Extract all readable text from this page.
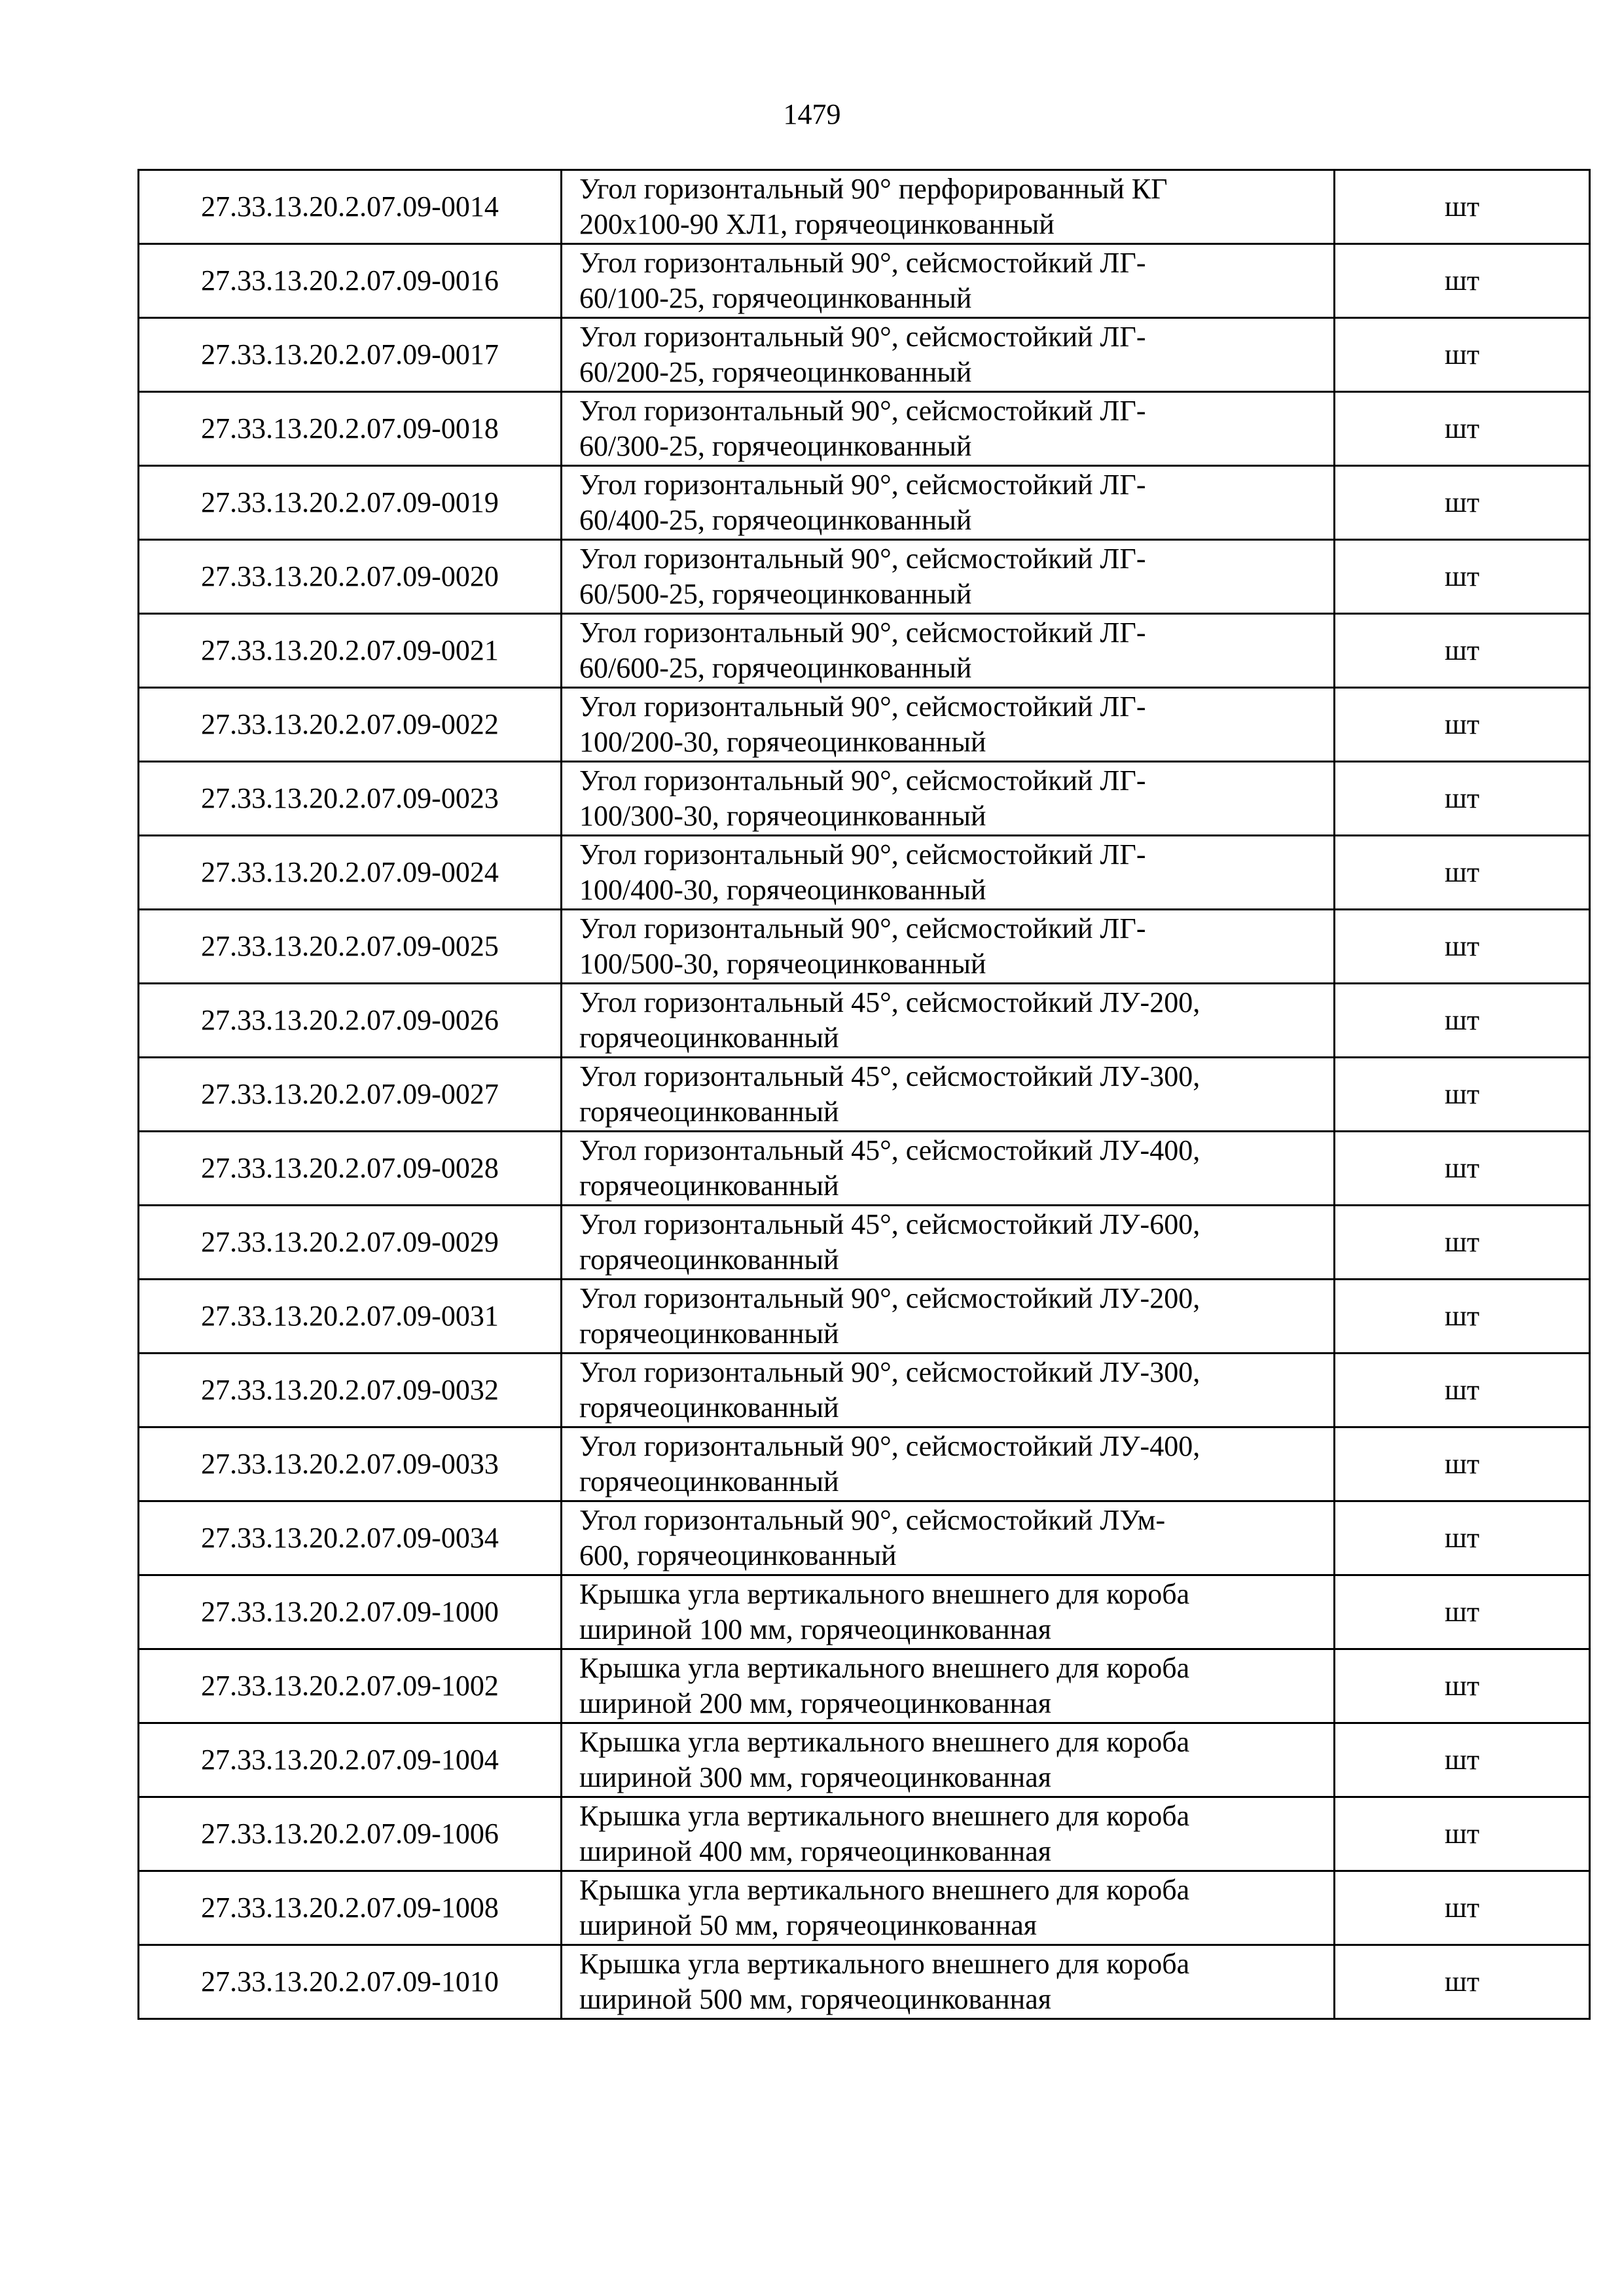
1479
27.33.13.20.2.07.09-0014	Угол горизонтальный 90° перфорированный КГ
200х100-90 ХЛ1, горячеоцинкованный	шт
27.33.13.20.2.07.09-0016	Угол горизонтальный 90°, сейсмостойкий ЛГ-
60/100-25, горячеоцинкованный	шт
27.33.13.20.2.07.09-0017	Угол горизонтальный 90°, сейсмостойкий ЛГ-
60/200-25, горячеоцинкованный	шт
27.33.13.20.2.07.09-0018	Угол горизонтальный 90°, сейсмостойкий ЛГ-
60/300-25, горячеоцинкованный	шт
27.33.13.20.2.07.09-0019	Угол горизонтальный 90°, сейсмостойкий ЛГ-
60/400-25, горячеоцинкованный	шт
27.33.13.20.2.07.09-0020	Угол горизонтальный 90°, сейсмостойкий ЛГ-
60/500-25, горячеоцинкованный	шт
27.33.13.20.2.07.09-0021	Угол горизонтальный 90°, сейсмостойкий ЛГ-
60/600-25, горячеоцинкованный	шт
27.33.13.20.2.07.09-0022	Угол горизонтальный 90°, сейсмостойкий ЛГ-
100/200-30, горячеоцинкованный	шт
27.33.13.20.2.07.09-0023	Угол горизонтальный 90°, сейсмостойкий ЛГ-
100/300-30, горячеоцинкованный	шт
27.33.13.20.2.07.09-0024	Угол горизонтальный 90°, сейсмостойкий ЛГ-
100/400-30, горячеоцинкованный	шт
27.33.13.20.2.07.09-0025	Угол горизонтальный 90°, сейсмостойкий ЛГ-
100/500-30, горячеоцинкованный	шт
27.33.13.20.2.07.09-0026	Угол горизонтальный 45°, сейсмостойкий ЛУ-200,
горячеоцинкованный	шт
27.33.13.20.2.07.09-0027	Угол горизонтальный 45°, сейсмостойкий ЛУ-300,
горячеоцинкованный	шт
27.33.13.20.2.07.09-0028	Угол горизонтальный 45°, сейсмостойкий ЛУ-400,
горячеоцинкованный	шт
27.33.13.20.2.07.09-0029	Угол горизонтальный 45°, сейсмостойкий ЛУ-600,
горячеоцинкованный	шт
27.33.13.20.2.07.09-0031	Угол горизонтальный 90°, сейсмостойкий ЛУ-200,
горячеоцинкованный	шт
27.33.13.20.2.07.09-0032	Угол горизонтальный 90°, сейсмостойкий ЛУ-300,
горячеоцинкованный	шт
27.33.13.20.2.07.09-0033	Угол горизонтальный 90°, сейсмостойкий ЛУ-400,
горячеоцинкованный	шт
27.33.13.20.2.07.09-0034	Угол горизонтальный 90°, сейсмостойкий ЛУм-
600, горячеоцинкованный	шт
27.33.13.20.2.07.09-1000	Крышка угла вертикального внешнего для короба
шириной 100 мм, горячеоцинкованная	шт
27.33.13.20.2.07.09-1002	Крышка угла вертикального внешнего для короба
шириной 200 мм, горячеоцинкованная	шт
27.33.13.20.2.07.09-1004	Крышка угла вертикального внешнего для короба
шириной 300 мм, горячеоцинкованная	шт
27.33.13.20.2.07.09-1006	Крышка угла вертикального внешнего для короба
шириной 400 мм, горячеоцинкованная	шт
27.33.13.20.2.07.09-1008	Крышка угла вертикального внешнего для короба
шириной 50 мм, горячеоцинкованная	шт
27.33.13.20.2.07.09-1010	Крышка угла вертикального внешнего для короба
шириной 500 мм, горячеоцинкованная	шт
